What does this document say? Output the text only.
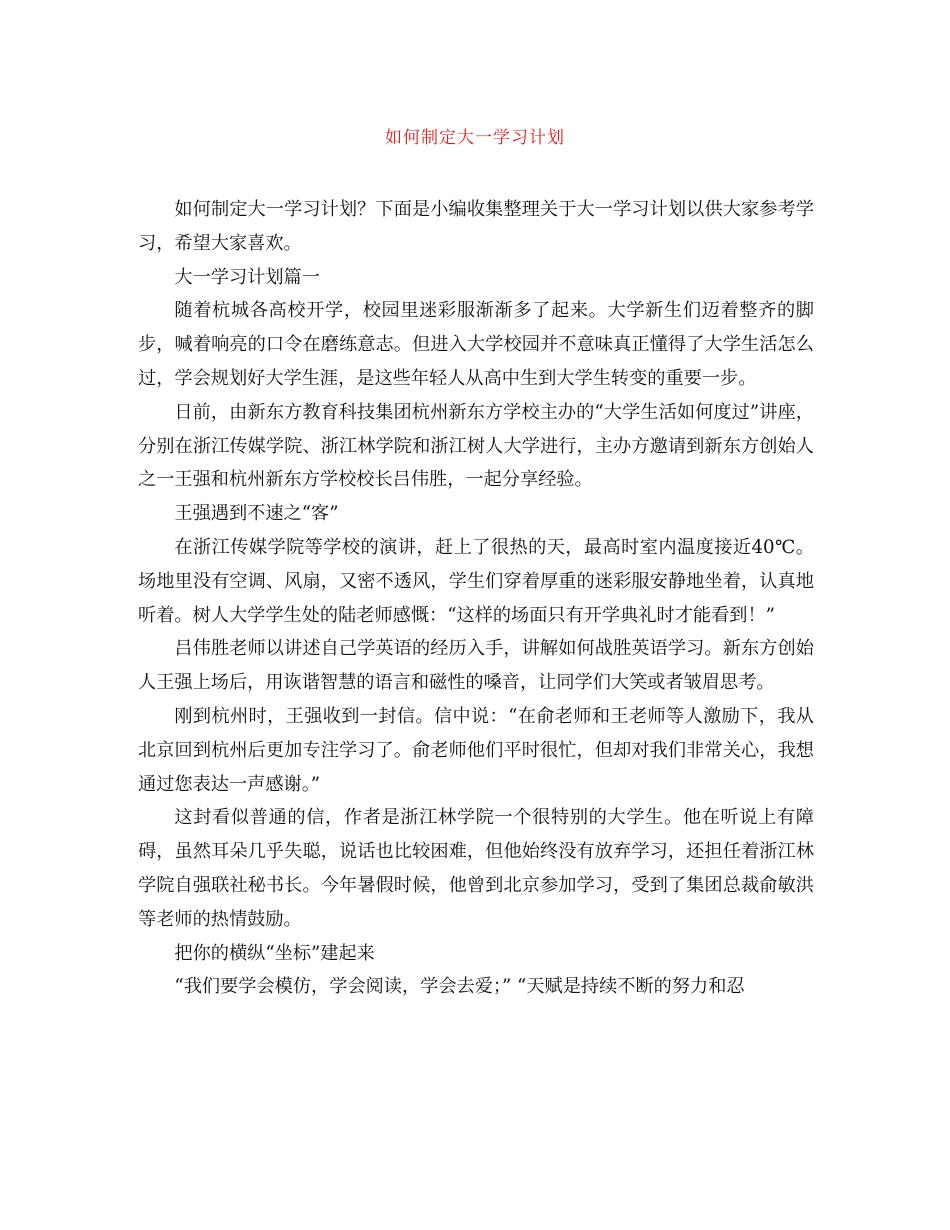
如何制定大一学习计划

如何制定大一学习计划？下面是小编收集整理关于大一学习计划以供大家参考学习，希望大家喜欢。

大一学习计划篇一

随着杭城各高校开学，校园里迷彩服渐渐多了起来。大学新生们迈着整齐的脚步，喊着响亮的口令在磨练意志。但进入大学校园并不意味真正懂得了大学生活怎么过，学会规划好大学生涯，是这些年轻人从高中生到大学生转变的重要一步。

日前，由新东方教育科技集团杭州新东方学校主办的“大学生活如何度过”讲座，分别在浙江传媒学院、浙江林学院和浙江树人大学进行，主办方邀请到新东方创始人之一王强和杭州新东方学校校长吕伟胜，一起分享经验。

王强遇到不速之“客”

在浙江传媒学院等学校的演讲，赶上了很热的天，最高时室内温度接近40℃。场地里没有空调、风扇，又密不透风，学生们穿着厚重的迷彩服安静地坐着，认真地听着。树人大学学生处的陆老师感慨：“这样的场面只有开学典礼时才能看到！”

吕伟胜老师以讲述自己学英语的经历入手，讲解如何战胜英语学习。新东方创始人王强上场后，用诙谐智慧的语言和磁性的嗓音，让同学们大笑或者皱眉思考。

刚到杭州时，王强收到一封信。信中说：“在俞老师和王老师等人激励下，我从北京回到杭州后更加专注学习了。俞老师他们平时很忙，但却对我们非常关心，我想通过您表达一声感谢。”

这封看似普通的信，作者是浙江林学院一个很特别的大学生。他在听说上有障碍，虽然耳朵几乎失聪，说话也比较困难，但他始终没有放弃学习，还担任着浙江林学院自强联社秘书长。今年暑假时候，他曾到北京参加学习，受到了集团总裁俞敏洪等老师的热情鼓励。

把你的横纵“坐标”建起来

“我们要学会模仿，学会阅读，学会去爱；” “天赋是持续不断的努力和忍
